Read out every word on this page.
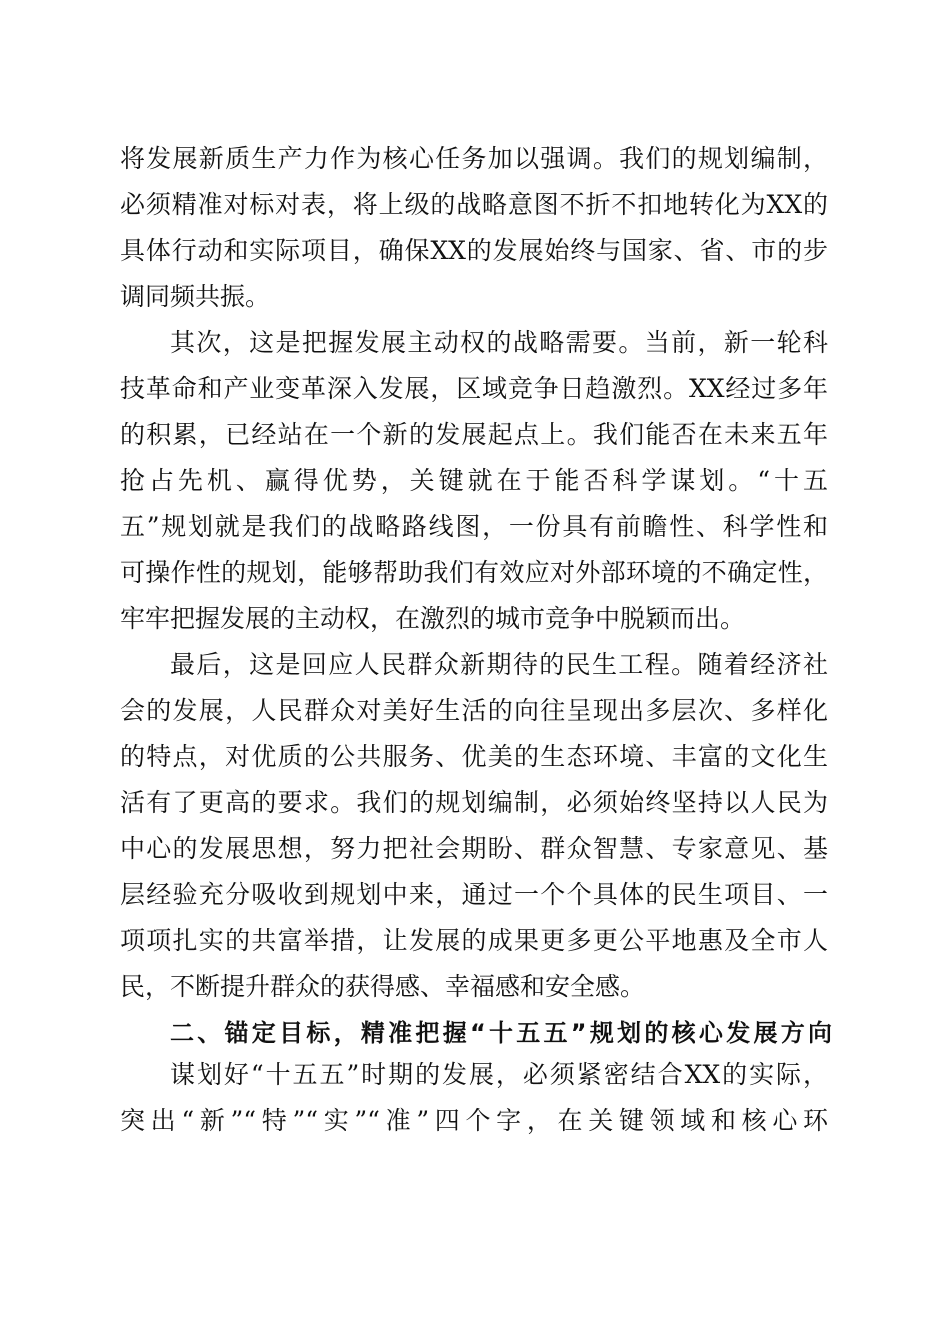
将发展新质生产力作为核心任务加以强调。我们的规划编制，
必须精准对标对表，将上级的战略意图不折不扣地转化为XX的
具体行动和实际项目，确保XX的发展始终与国家、省、市的步
调同频共振。
其次，这是把握发展主动权的战略需要。当前，新一轮科
技革命和产业变革深入发展，区域竞争日趋激烈。XX经过多年
的积累，已经站在一个新的发展起点上。我们能否在未来五年
抢占先机、赢得优势，关键就在于能否科学谋划。“十五
五”规划就是我们的战略路线图，一份具有前瞻性、科学性和
可操作性的规划，能够帮助我们有效应对外部环境的不确定性，
牢牢把握发展的主动权，在激烈的城市竞争中脱颖而出。
最后，这是回应人民群众新期待的民生工程。随着经济社
会的发展，人民群众对美好生活的向往呈现出多层次、多样化
的特点，对优质的公共服务、优美的生态环境、丰富的文化生
活有了更高的要求。我们的规划编制，必须始终坚持以人民为
中心的发展思想，努力把社会期盼、群众智慧、专家意见、基
层经验充分吸收到规划中来，通过一个个具体的民生项目、一
项项扎实的共富举措，让发展的成果更多更公平地惠及全市人
民，不断提升群众的获得感、幸福感和安全感。
二、锚定目标，精准把握“十五五”规划的核心发展方向
谋划好“十五五”时期的发展，必须紧密结合XX的实际，
突出“新”“特”“实”“准”四个字，在关键领域和核心环
